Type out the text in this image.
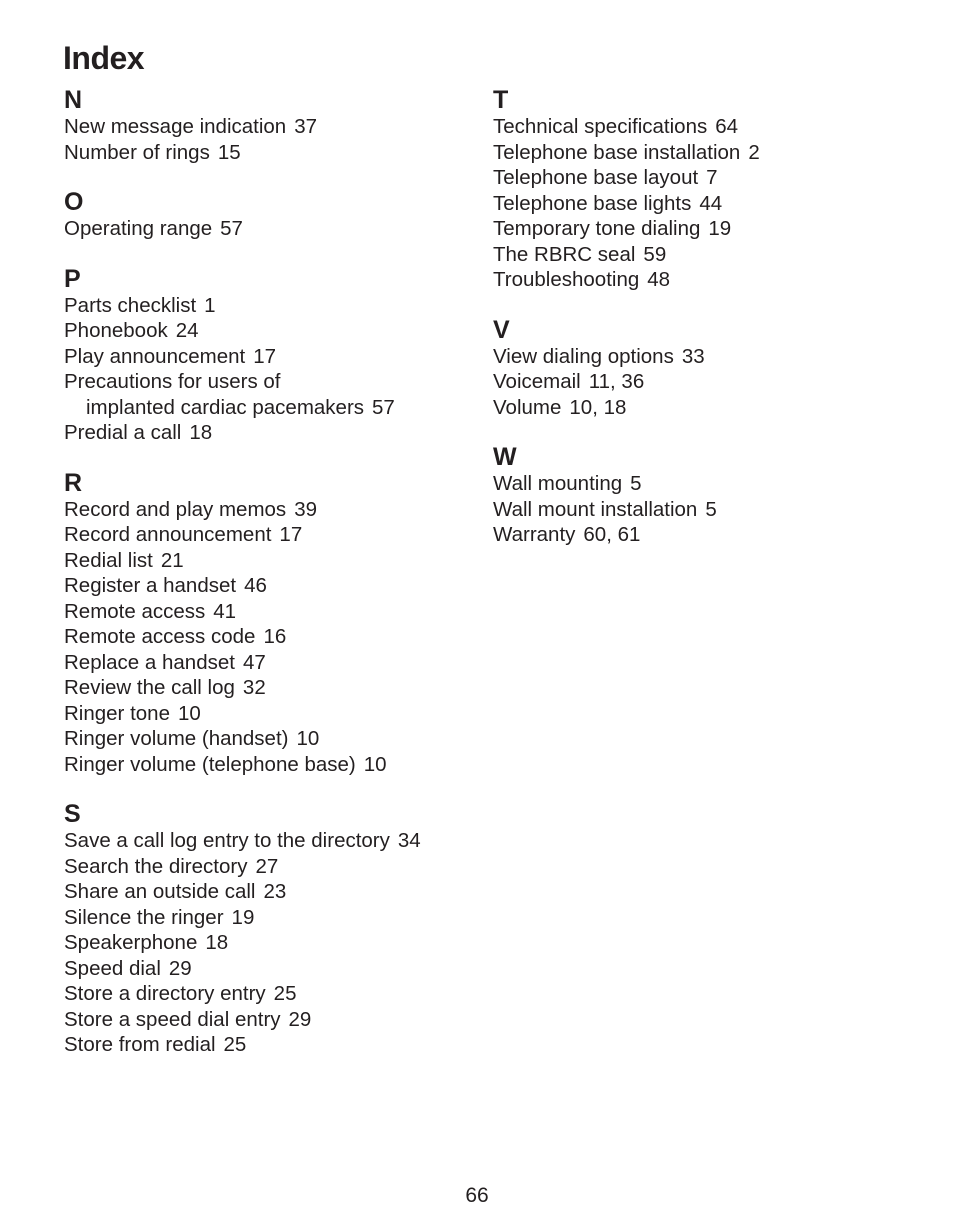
Index
N
New message indication 37
Number of rings 15
O
Operating range 57
P
Parts checklist 1
Phonebook 24
Play announcement 17
Precautions for users of
implanted cardiac pacemakers 57
Predial a call 18
R
Record and play memos 39
Record announcement 17
Redial list 21
Register a handset 46
Remote access 41
Remote access code 16
Replace a handset 47
Review the call log 32
Ringer tone 10
Ringer volume (handset) 10
Ringer volume (telephone base) 10
S
Save a call log entry to the directory 34
Search the directory 27
Share an outside call 23
Silence the ringer 19
Speakerphone 18
Speed dial 29
Store a directory entry 25
Store a speed dial entry 29
Store from redial 25
T
Technical specifications 64
Telephone base installation 2
Telephone base layout 7
Telephone base lights 44
Temporary tone dialing 19
The RBRC seal 59
Troubleshooting 48
V
View dialing options 33
Voicemail 11, 36
Volume 10, 18
W
Wall mounting 5
Wall mount installation 5
Warranty 60, 61
66
